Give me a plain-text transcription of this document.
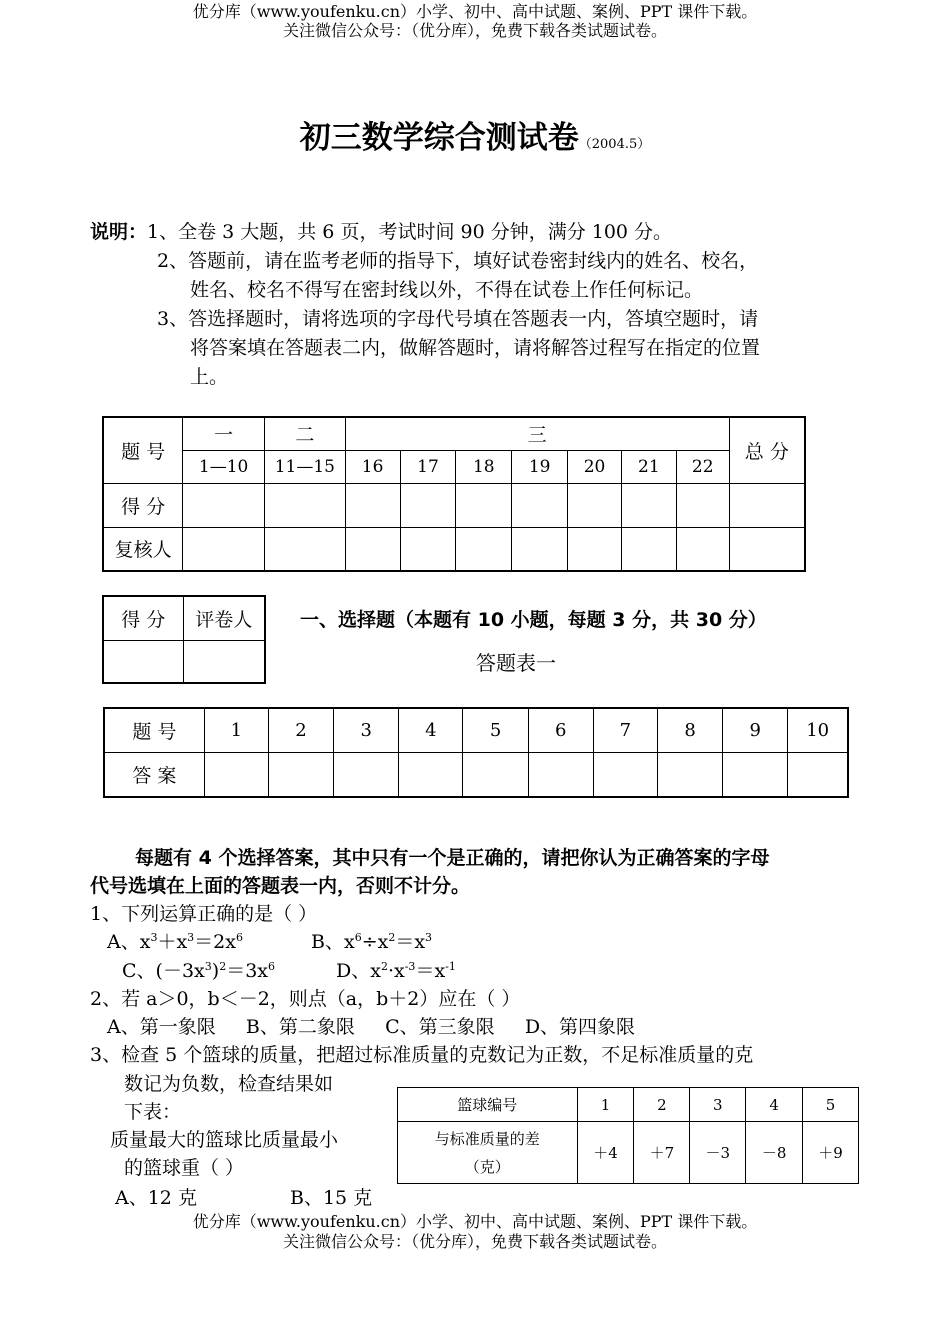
优分库（www.youfenku.cn）小学、初中、高中试题、案例、PPT 课件下载。
关注微信公众号：（优分库），免费下载各类试题试卷。
初三数学综合测试卷（2004.5）
说明：1、全卷 3 大题，共 6 页，考试时间 90 分钟，满分 100 分。
2、答题前，请在监考老师的指导下，填好试卷密封线内的姓名、校名，
姓名、校名不得写在密封线以外，不得在试卷上作任何标记。
3、答选择题时，请将选项的字母代号填在答题表一内，答填空题时，请
将答案填在答题表二内，做解答题时，请将解答过程写在指定的位置
上。
题 号	一	二	三							总 分
	1—10	11—15	16	17	18	19	20	21	22	
得 分										
复核人										
得 分	评卷人
		一、选择题（本题有 10 小题，每题 3 分，共 30 分）
答题表一
题 号	1	2	3	4	5	6	7	8	9	10
答 案										
每题有 4 个选择答案，其中只有一个是正确的，请把你认为正确答案的字母
代号选填在上面的答题表一内，否则不计分。
1、下列运算正确的是（ ）
A、$x^3+x^3=2x^6$	B、$x^6\div x^2=x^3$
C、$(-3x^3)^2=3x^6$	D、$x^2\cdot x^{-3}=x^{-1}$
2、若 a＞0，b＜－2，则点（a，b＋2）应在（ ）
A、第一象限     B、第二象限     C、第三象限     D、第四象限
3、检查 5 个篮球的质量，把超过标准质量的克数记为正数，不足标准质量的克
数记为负数，检查结果如
下表：
质量最大的篮球比质量最小
的篮球重（ ）
A、12 克	B、15 克
篮球编号	1	2	3	4	5

与标准质量的差
（克）	＋4	＋7	－3	－8	＋9
优分库（www.youfenku.cn）小学、初中、高中试题、案例、PPT 课件下载。
关注微信公众号：（优分库），免费下载各类试题试卷。
